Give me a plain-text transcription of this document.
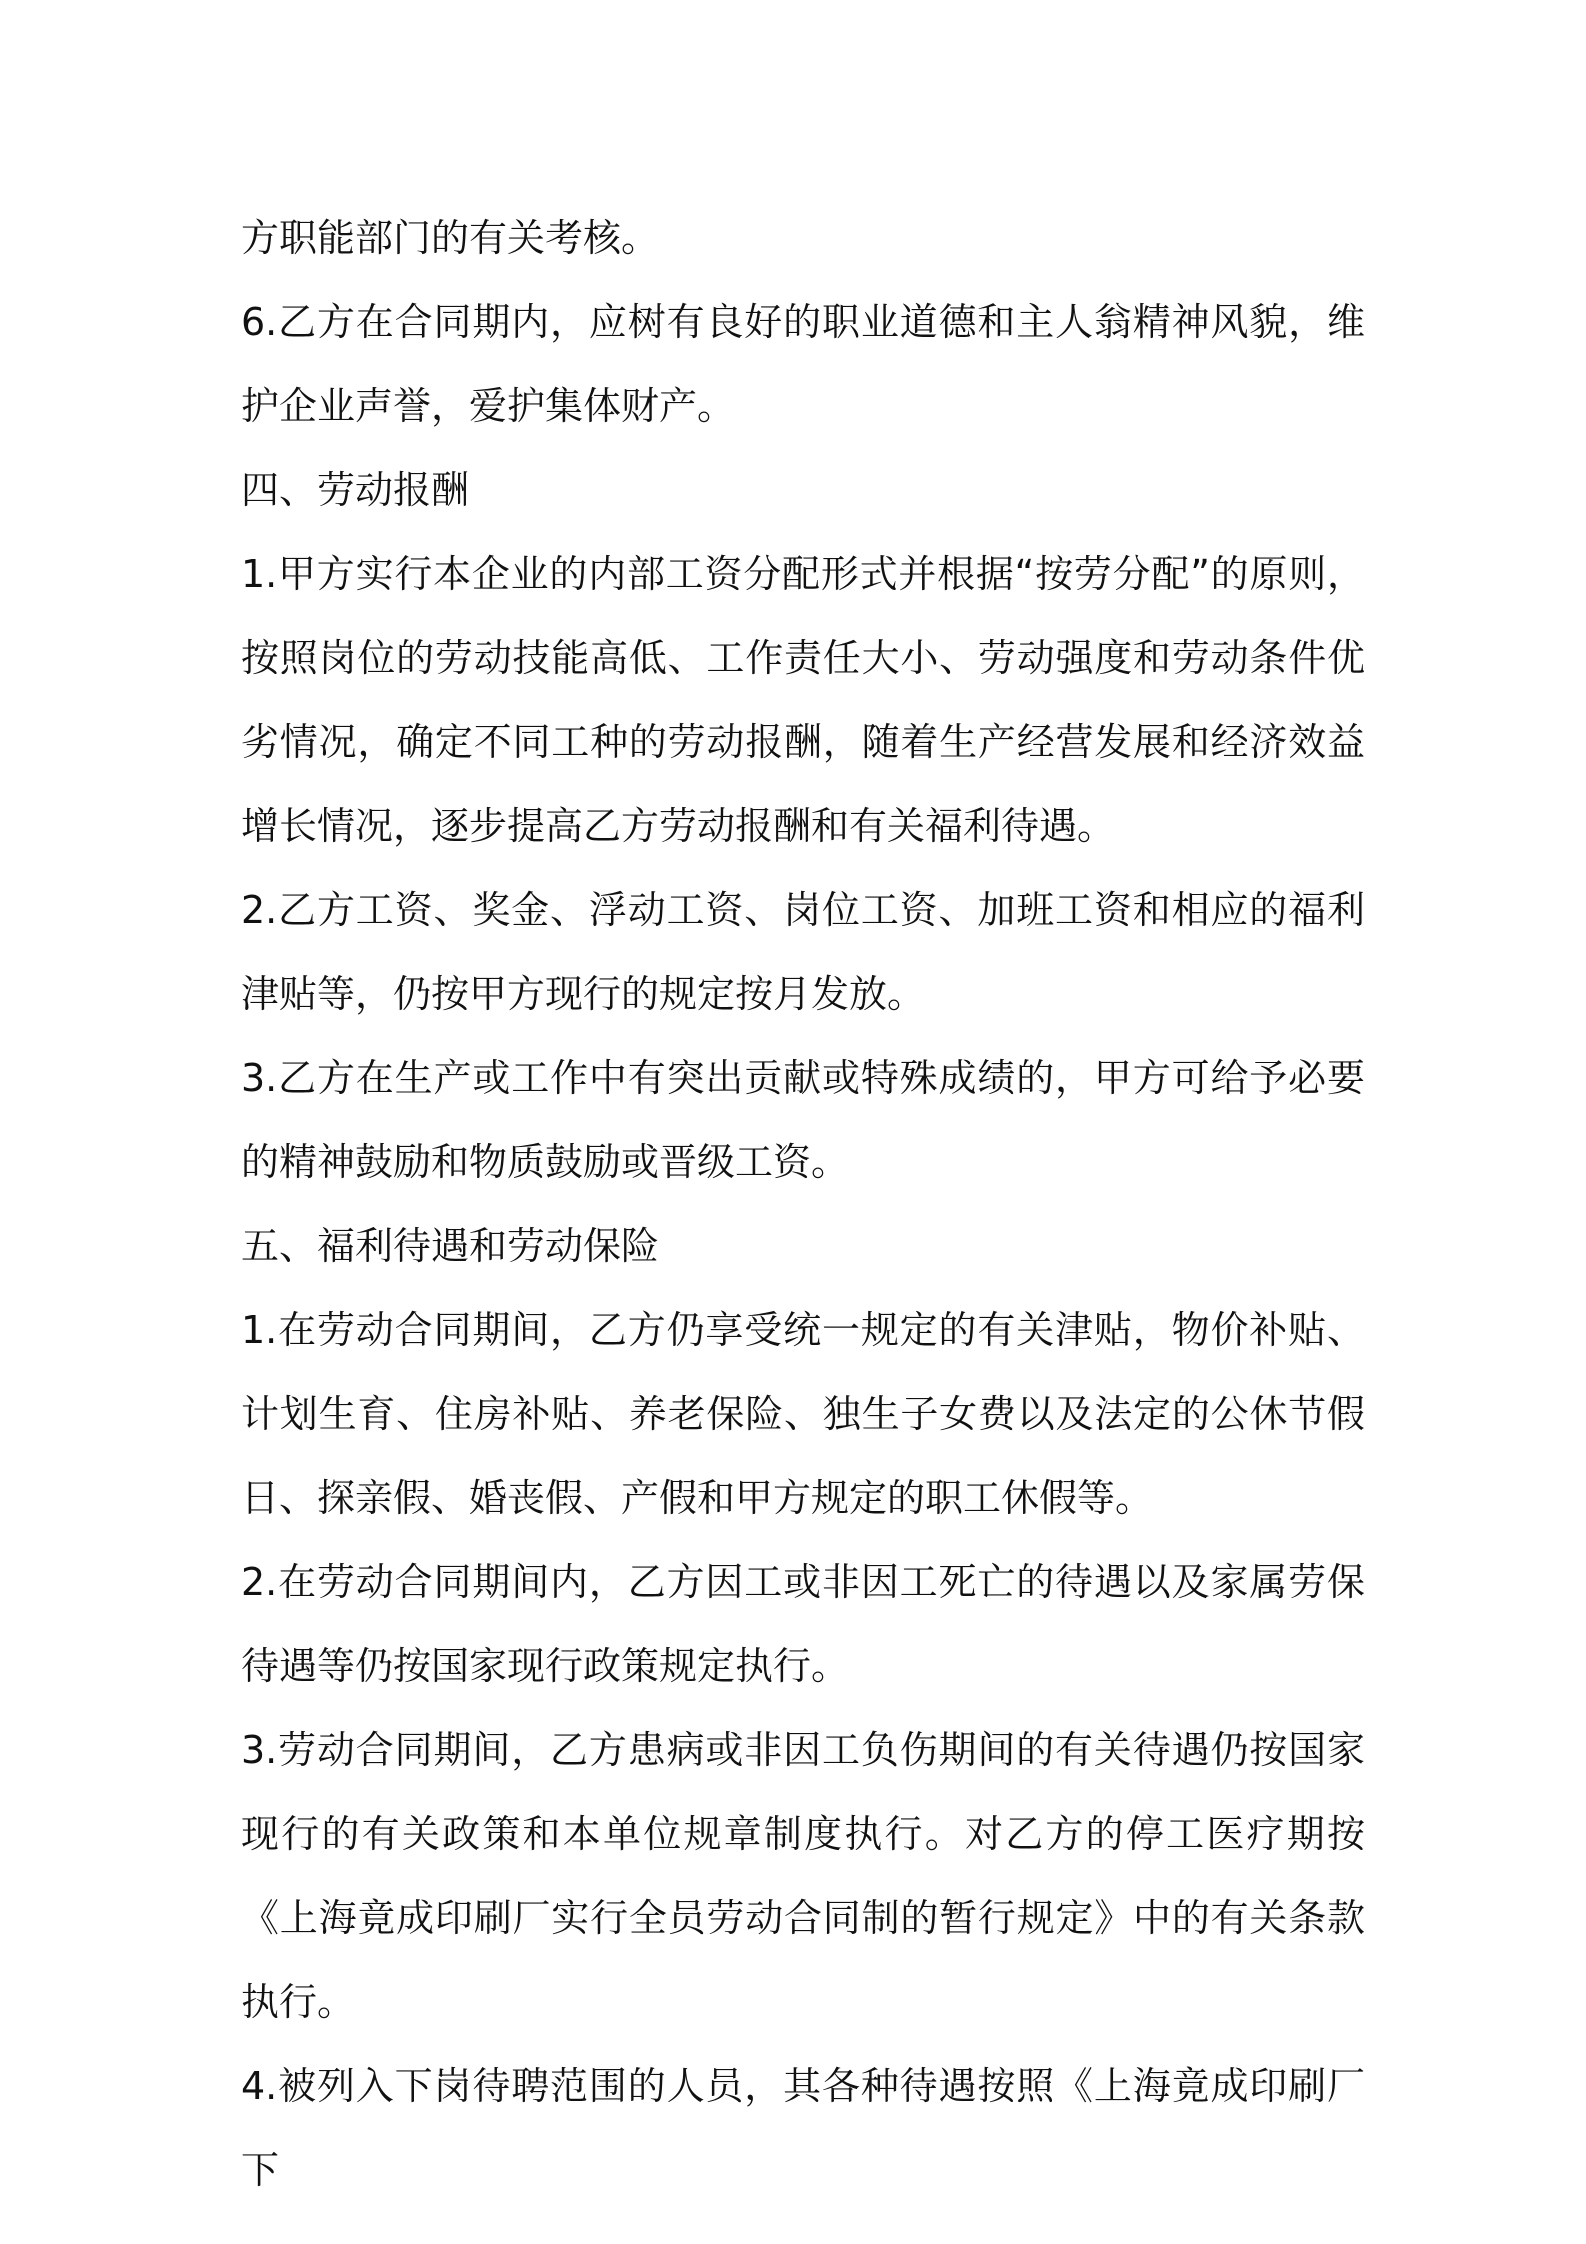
方职能部门的有关考核。

6.乙方在合同期内，应树有良好的职业道德和主人翁精神风貌，维护企业声誉，爱护集体财产。

四、劳动报酬

1.甲方实行本企业的内部工资分配形式并根据“按劳分配”的原则，按照岗位的劳动技能高低、工作责任大小、劳动强度和劳动条件优劣情况，确定不同工种的劳动报酬，随着生产经营发展和经济效益增长情况，逐步提高乙方劳动报酬和有关福利待遇。

2.乙方工资、奖金、浮动工资、岗位工资、加班工资和相应的福利津贴等，仍按甲方现行的规定按月发放。

3.乙方在生产或工作中有突出贡献或特殊成绩的，甲方可给予必要的精神鼓励和物质鼓励或晋级工资。

五、福利待遇和劳动保险

1.在劳动合同期间，乙方仍享受统一规定的有关津贴，物价补贴、计划生育、住房补贴、养老保险、独生子女费以及法定的公休节假日、探亲假、婚丧假、产假和甲方规定的职工休假等。

2.在劳动合同期间内，乙方因工或非因工死亡的待遇以及家属劳保待遇等仍按国家现行政策规定执行。

3.劳动合同期间，乙方患病或非因工负伤期间的有关待遇仍按国家现行的有关政策和本单位规章制度执行。对乙方的停工医疗期按《上海竟成印刷厂实行全员劳动合同制的暂行规定》中的有关条款执行。

4.被列入下岗待聘范围的人员，其各种待遇按照《上海竟成印刷厂下
